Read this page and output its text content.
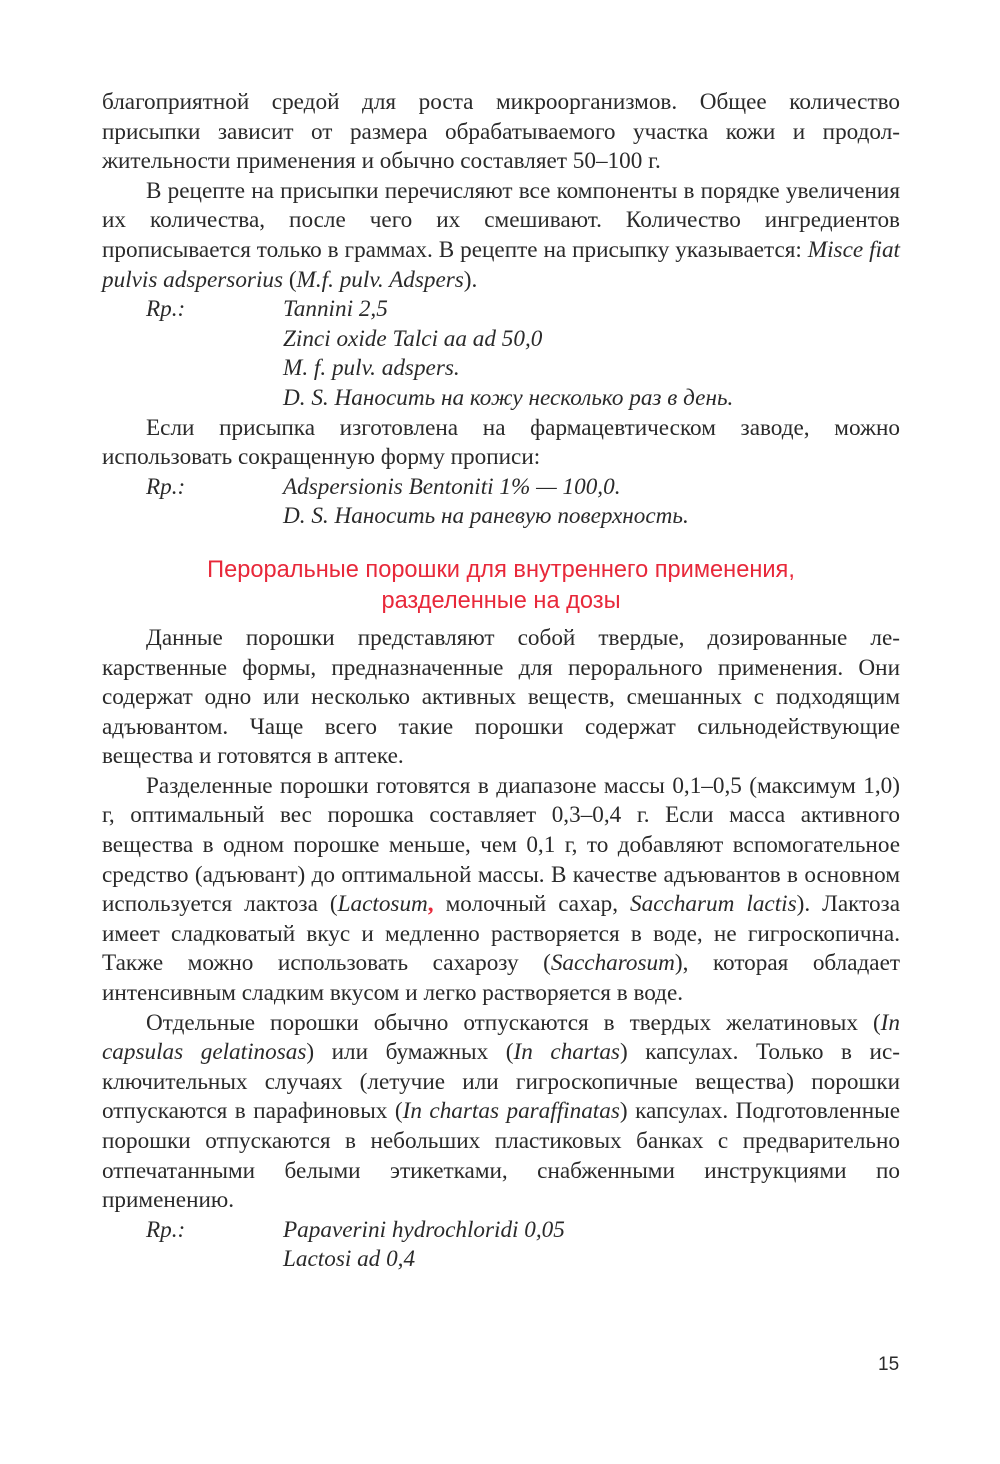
благоприятной средой для роста микроорганизмов. Общее количество присыпки зависит от размера обрабатываемого участка кожи и продолжительности применения и обычно составляет 50–100 г.

В рецепте на присыпки перечисляют все компоненты в порядке увеличения их количества, после чего их смешивают. Количество ингредиентов прописывается только в граммах. В рецепте на присыпку указывается: Misce fiat pulvis adspersorius (M.f. pulv. Adspers).

Rp.:	Tannini 2,5
Zinci oxide Talci aa ad 50,0
M. f. pulv. adspers.
D. S. Наносить на кожу несколько раз в день.

Если присыпка изготовлена на фармацевтическом заводе, можно использовать сокращенную форму прописи:

Rp.:	Adspersionis Bentoniti 1% — 100,0.
D. S. Наносить на раневую поверхность.
Пероральные порошки для внутреннего применения,
разделенные на дозы

Данные порошки представляют собой твердые, дозированные лекарственные формы, предназначенные для перорального применения. Они содержат одно или несколько активных веществ, смешанных с подходящим адъювантом. Чаще всего такие порошки содержат сильнодействующие вещества и готовятся в аптеке.

Разделенные порошки готовятся в диапазоне массы 0,1–0,5 (максимум 1,0) г, оптимальный вес порошка составляет 0,3–0,4 г. Если масса активного вещества в одном порошке меньше, чем 0,1 г, то добавляют вспомогательное средство (адъювант) до оптимальной массы. В качестве адъювантов в основном используется лактоза (Lactosum, молочный сахар, Saccharum lactis). Лактоза имеет сладковатый вкус и медленно растворяется в воде, не гигроскопична. Также можно использовать сахарозу (Saccharosum), которая обладает интенсивным сладким вкусом и легко растворяется в воде.

Отдельные порошки обычно отпускаются в твердых желатиновых (In capsulas gelatinosas) или бумажных (In chartas) капсулах. Только в исключительных случаях (летучие или гигроскопичные вещества) порошки отпускаются в парафиновых (In chartas paraffinatas) капсулах. Подготовленные порошки отпускаются в небольших пластиковых банках с предварительно отпечатанными белыми этикетками, снабженными инструкциями по применению.

Rp.:	Papaverini hydrochloridi 0,05
Lactosi ad 0,4
15
